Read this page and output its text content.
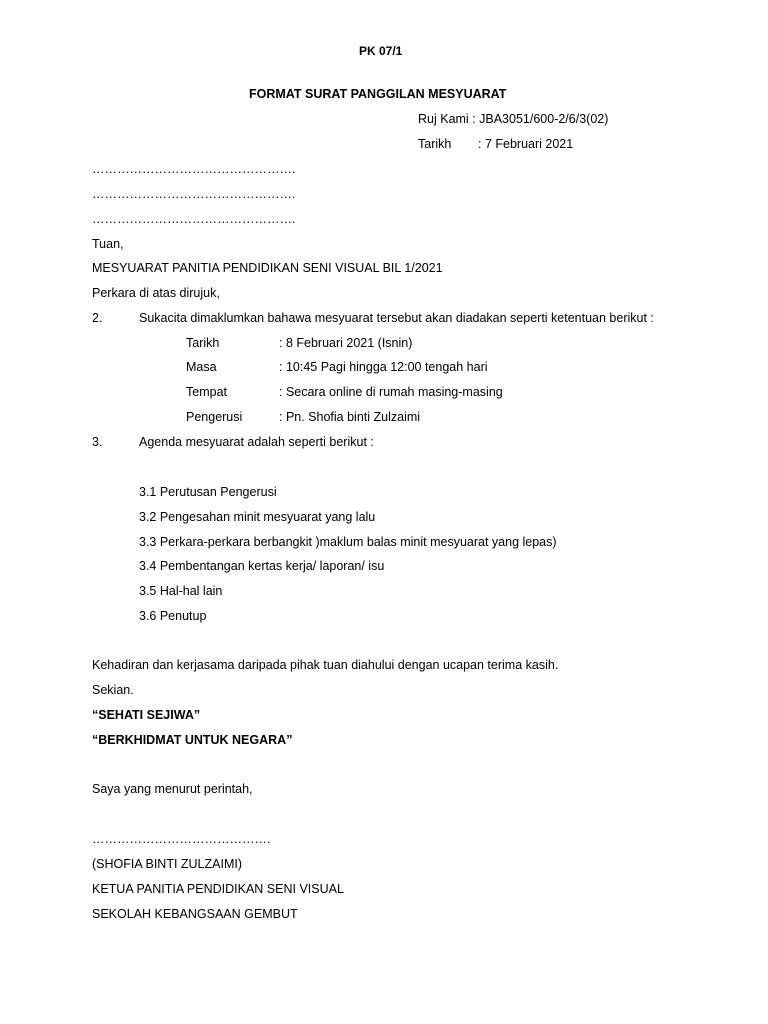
PK 07/1
FORMAT SURAT PANGGILAN MESYUARAT
Ruj Kami : JBA3051/600-2/6/3(02)
Tarikh : 7 Februari 2021
………………………………………….
………………………………………….
………………………………………….
Tuan,
MESYUARAT PANITIA PENDIDIKAN SENI VISUAL BIL 1/2021
Perkara di atas dirujuk,
2.	Sukacita dimaklumkan bahawa mesyuarat tersebut akan diadakan seperti ketentuan berikut :
Tarikh	: 8 Februari 2021 (Isnin)
Masa	: 10:45 Pagi hingga 12:00 tengah hari
Tempat	: Secara online di rumah masing-masing
Pengerusi	: Pn. Shofia binti Zulzaimi
3.	Agenda mesyuarat adalah seperti berikut :
3.1 Perutusan Pengerusi
3.2 Pengesahan minit mesyuarat yang lalu
3.3 Perkara-perkara berbangkit )maklum balas minit mesyuarat yang lepas)
3.4 Pembentangan kertas kerja/ laporan/ isu
3.5 Hal-hal lain
3.6 Penutup
Kehadiran dan kerjasama daripada pihak tuan diahului dengan ucapan terima kasih.
Sekian.
“SEHATI SEJIWA”
“BERKHIDMAT UNTUK NEGARA”
Saya yang menurut perintah,
…………………………………….
(SHOFIA BINTI ZULZAIMI)
KETUA PANITIA PENDIDIKAN SENI VISUAL
SEKOLAH KEBANGSAAN GEMBUT
